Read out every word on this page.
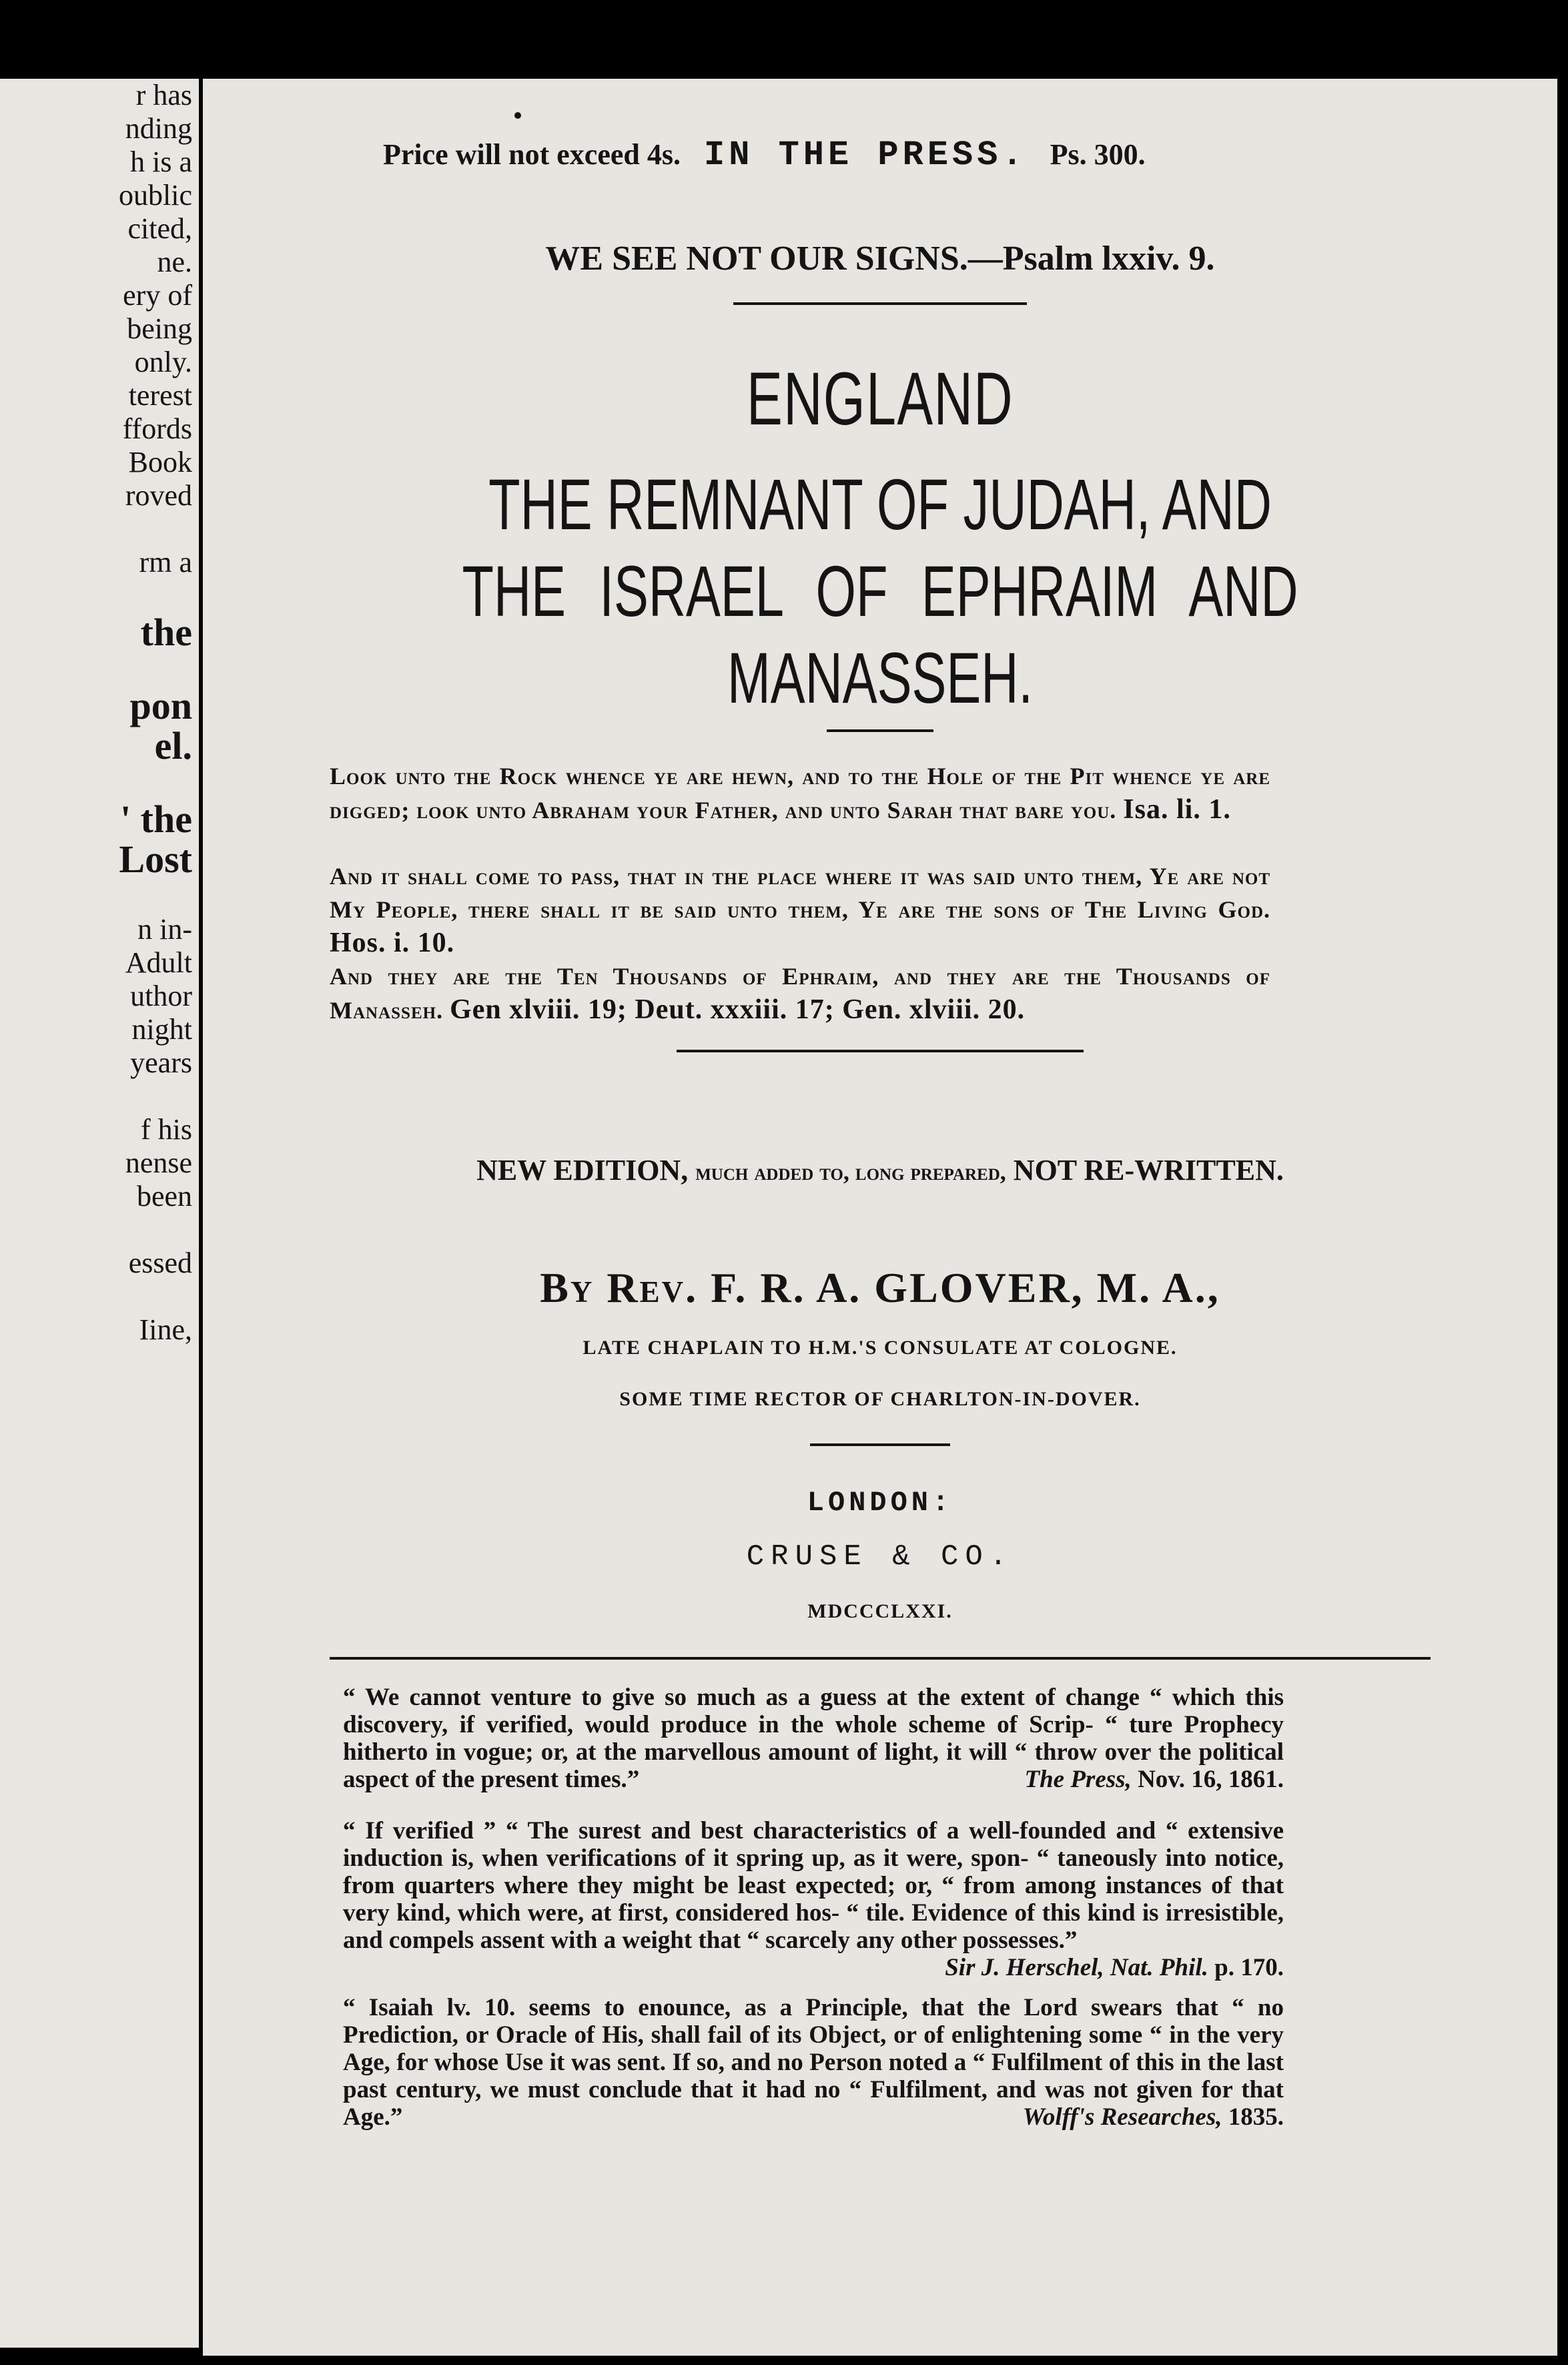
r has
nding
h is a
oublic
cited,
ne.
ery of
being
only.
terest
ffords
Book
roved
rm a
the
pon
el.
' the
Lost
n in-
Adult
uthor
night
years
f his
nense
been
essed
Iine,
Price will not exceed 4s. IN THE PRESS. Ps. 300.
WE SEE NOT OUR SIGNS.—Psalm lxxiv. 9.
ENGLAND
THE REMNANT OF JUDAH, AND
THE ISRAEL OF EPHRAIM AND
MANASSEH.
Look unto the Rock whence ye are hewn, and to the Hole of the Pit whence ye are digged; look unto Abraham your Father, and unto Sarah that bare you. Isa. li. 1.
And it shall come to pass, that in the place where it was said unto them, Ye are not My People, there shall it be said unto them, Ye are the sons of The Living God. Hos. i. 10.
And they are the Ten Thousands of Ephraim, and they are the Thousands of Manasseh. Gen xlviii. 19; Deut. xxxiii. 17; Gen. xlviii. 20.
NEW EDITION, much added to, long prepared, NOT RE-WRITTEN.
By Rev. F. R. A. GLOVER, M. A.,
LATE CHAPLAIN TO H.M.'S CONSULATE AT COLOGNE.
SOME TIME RECTOR OF CHARLTON-IN-DOVER.
LONDON:
CRUSE & CO.
MDCCCLXXI.
“ We cannot venture to give so much as a guess at the extent of change “ which this discovery, if verified, would produce in the whole scheme of Scrip- “ ture Prophecy hitherto in vogue; or, at the marvellous amount of light, it will “ throw over the political aspect of the present times.”	The Press, Nov. 16, 1861.
“ If verified ” “ The surest and best characteristics of a well-founded and “ extensive induction is, when verifications of it spring up, as it were, spon- “ taneously into notice, from quarters where they might be least expected; or, “ from among instances of that very kind, which were, at first, considered hos- “ tile. Evidence of this kind is irresistible, and compels assent with a weight that “ scarcely any other possesses.”
Sir J. Herschel, Nat. Phil. p. 170.
“ Isaiah lv. 10. seems to enounce, as a Principle, that the Lord swears that “ no Prediction, or Oracle of His, shall fail of its Object, or of enlightening some “ in the very Age, for whose Use it was sent. If so, and no Person noted a “ Fulfilment of this in the last past century, we must conclude that it had no “ Fulfilment, and was not given for that Age.”	Wolff's Researches, 1835.
